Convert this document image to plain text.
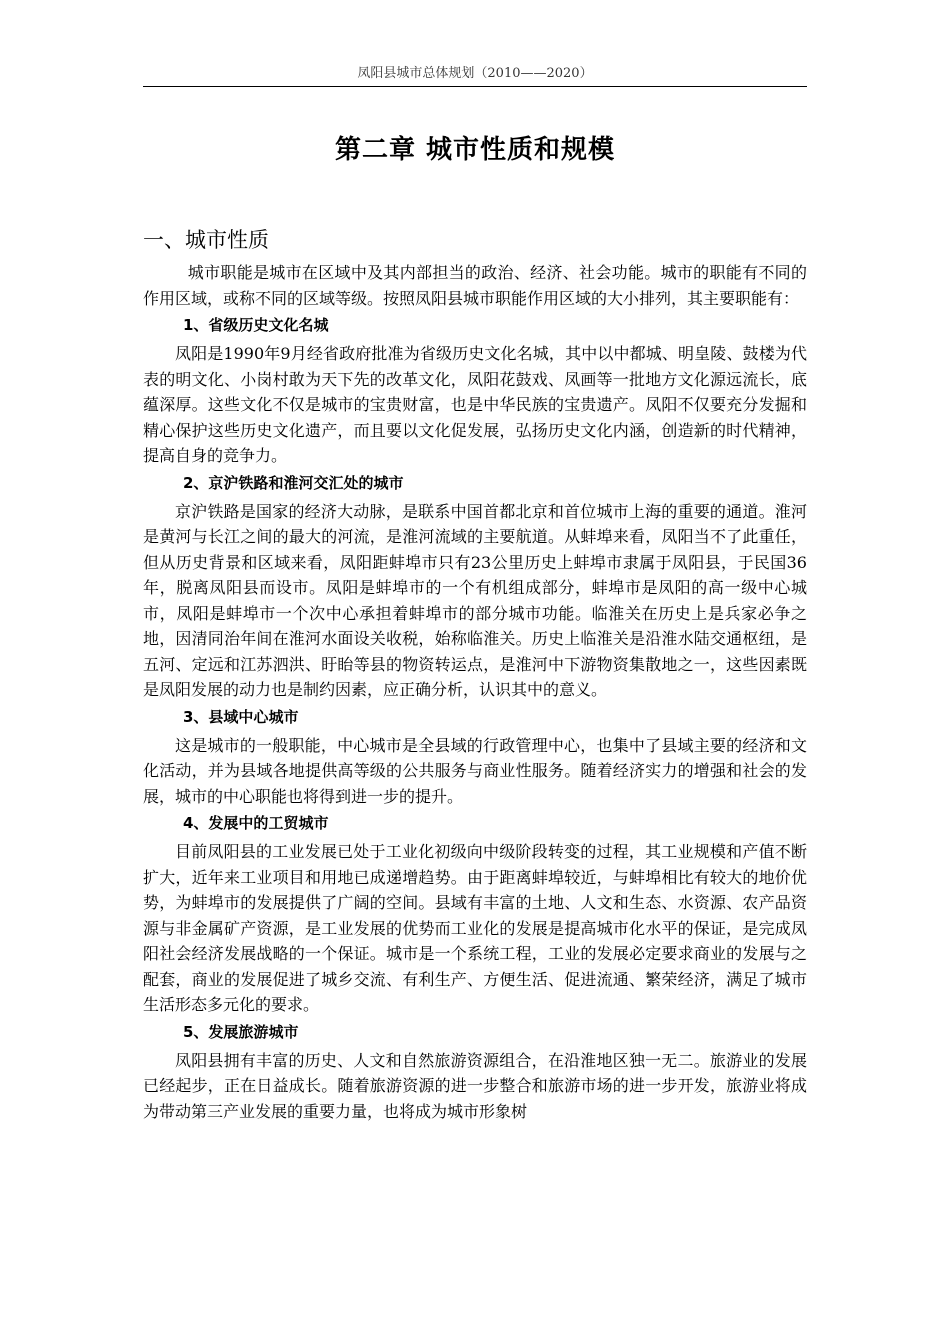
凤阳县城市总体规划（2010——2020）
第二章 城市性质和规模
一、城市性质

城市职能是城市在区域中及其内部担当的政治、经济、社会功能。城市的职能有不同的作用区域，或称不同的区域等级。按照凤阳县城市职能作用区域的大小排列，其主要职能有：

1、省级历史文化名城

凤阳是1990年9月经省政府批准为省级历史文化名城，其中以中都城、明皇陵、鼓楼为代表的明文化、小岗村敢为天下先的改革文化，凤阳花鼓戏、凤画等一批地方文化源远流长，底蕴深厚。这些文化不仅是城市的宝贵财富，也是中华民族的宝贵遗产。凤阳不仅要充分发掘和精心保护这些历史文化遗产，而且要以文化促发展，弘扬历史文化内涵，创造新的时代精神，提高自身的竞争力。

2、京沪铁路和淮河交汇处的城市

京沪铁路是国家的经济大动脉，是联系中国首都北京和首位城市上海的重要的通道。淮河是黄河与长江之间的最大的河流，是淮河流域的主要航道。从蚌埠来看，凤阳当不了此重任，但从历史背景和区域来看，凤阳距蚌埠市只有23公里历史上蚌埠市隶属于凤阳县，于民国36年，脱离凤阳县而设市。凤阳是蚌埠市的一个有机组成部分，蚌埠市是凤阳的高一级中心城市，凤阳是蚌埠市一个次中心承担着蚌埠市的部分城市功能。临淮关在历史上是兵家必争之地，因清同治年间在淮河水面设关收税，始称临淮关。历史上临淮关是沿淮水陆交通枢纽，是五河、定远和江苏泗洪、盱眙等县的物资转运点，是淮河中下游物资集散地之一，这些因素既是凤阳发展的动力也是制约因素，应正确分析，认识其中的意义。

3、县域中心城市

这是城市的一般职能，中心城市是全县域的行政管理中心，也集中了县域主要的经济和文化活动，并为县域各地提供高等级的公共服务与商业性服务。随着经济实力的增强和社会的发展，城市的中心职能也将得到进一步的提升。

4、发展中的工贸城市

目前凤阳县的工业发展已处于工业化初级向中级阶段转变的过程，其工业规模和产值不断扩大，近年来工业项目和用地已成递增趋势。由于距离蚌埠较近，与蚌埠相比有较大的地价优势，为蚌埠市的发展提供了广阔的空间。县域有丰富的土地、人文和生态、水资源、农产品资源与非金属矿产资源，是工业发展的优势而工业化的发展是提高城市化水平的保证，是完成凤阳社会经济发展战略的一个保证。城市是一个系统工程，工业的发展必定要求商业的发展与之配套，商业的发展促进了城乡交流、有利生产、方便生活、促进流通、繁荣经济，满足了城市生活形态多元化的要求。

5、发展旅游城市

凤阳县拥有丰富的历史、人文和自然旅游资源组合，在沿淮地区独一无二。旅游业的发展已经起步，正在日益成长。随着旅游资源的进一步整合和旅游市场的进一步开发，旅游业将成为带动第三产业发展的重要力量，也将成为城市形象树
